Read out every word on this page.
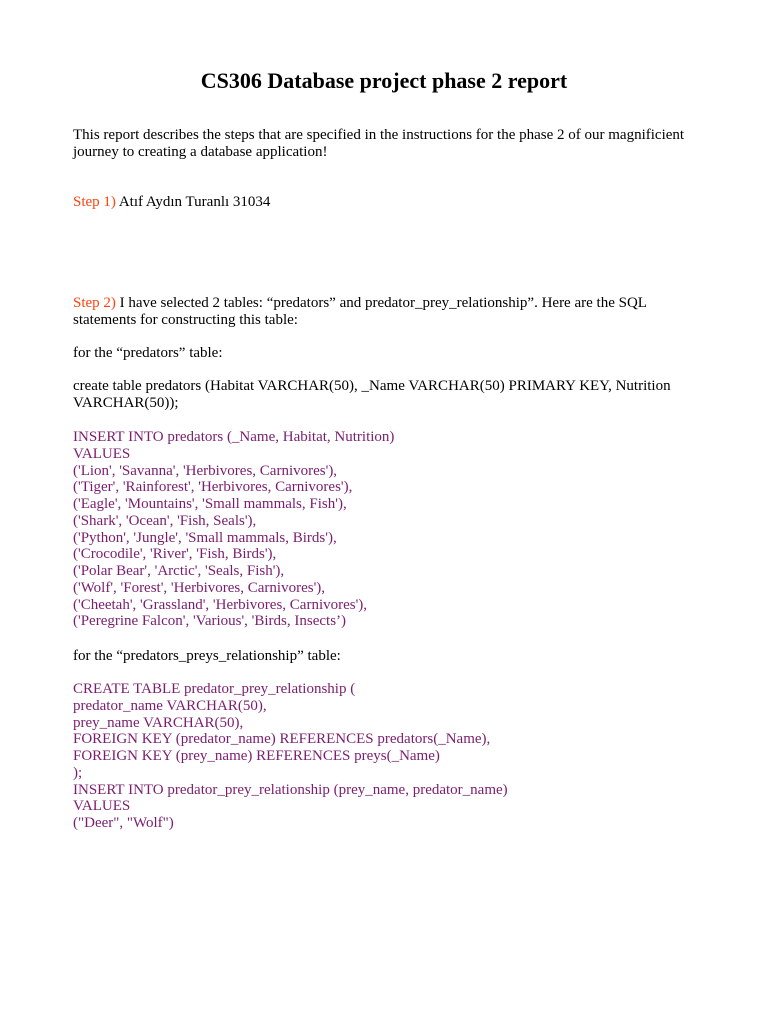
CS306 Database project phase 2 report

This report describes the steps that are specified in the instructions for the phase 2 of our magnificient journey to creating a database application!

Step 1) Atıf Aydın Turanlı 31034

Step 2) I have selected 2 tables: “predators” and predator_prey_relationship”. Here are the SQL statements for constructing this table:

for the “predators” table:

create table predators (Habitat VARCHAR(50), _Name VARCHAR(50) PRIMARY KEY, Nutrition VARCHAR(50));

INSERT INTO predators (_Name, Habitat, Nutrition)
VALUES
('Lion', 'Savanna', 'Herbivores, Carnivores'),
('Tiger', 'Rainforest', 'Herbivores, Carnivores'),
('Eagle', 'Mountains', 'Small mammals, Fish'),
('Shark', 'Ocean', 'Fish, Seals'),
('Python', 'Jungle', 'Small mammals, Birds'),
('Crocodile', 'River', 'Fish, Birds'),
('Polar Bear', 'Arctic', 'Seals, Fish'),
('Wolf', 'Forest', 'Herbivores, Carnivores'),
('Cheetah', 'Grassland', 'Herbivores, Carnivores'),
('Peregrine Falcon', 'Various', 'Birds, Insects’)

for the “predators_preys_relationship” table:

CREATE TABLE predator_prey_relationship (
predator_name VARCHAR(50),
prey_name VARCHAR(50),
FOREIGN KEY (predator_name) REFERENCES predators(_Name),
FOREIGN KEY (prey_name) REFERENCES preys(_Name)
);
INSERT INTO predator_prey_relationship (prey_name, predator_name)
VALUES
("Deer", "Wolf")
